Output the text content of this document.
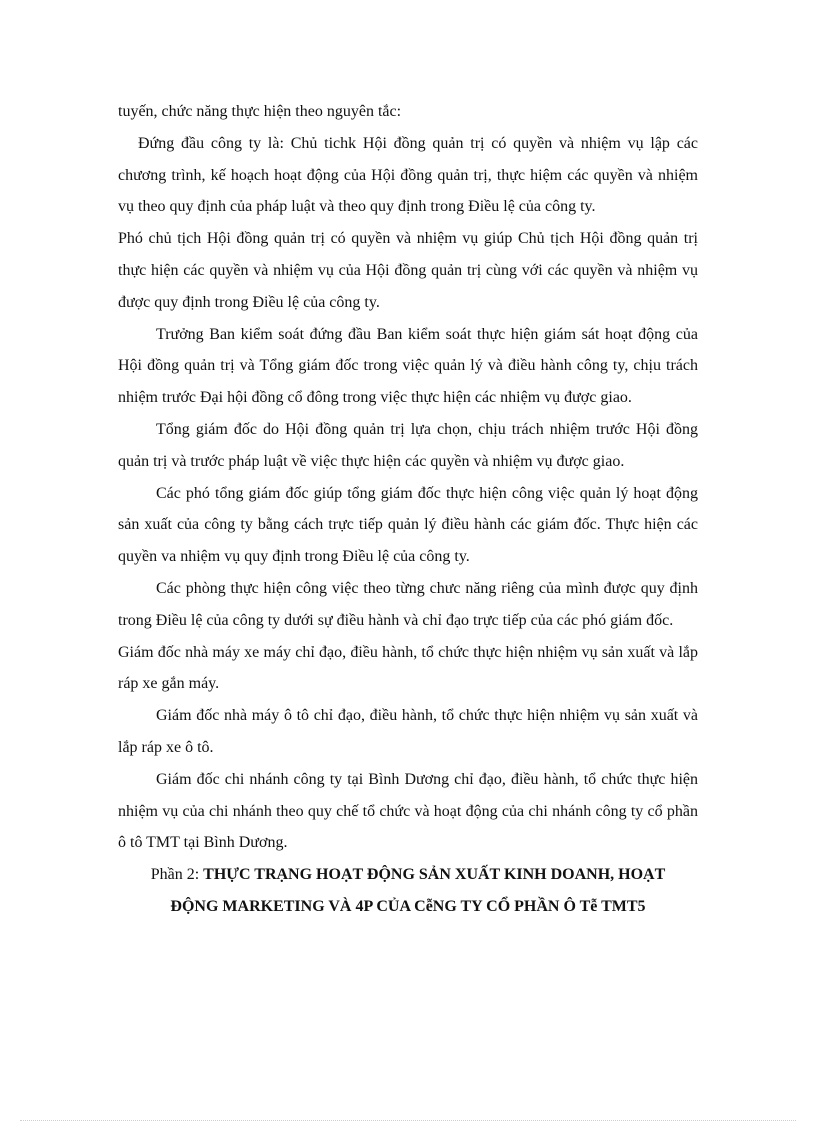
tuyến, chức năng thực hiện theo nguyên tắc:

Đứng đầu công ty là: Chủ tichk Hội đồng quản trị có quyền và nhiệm vụ lập các chương trình, kế hoạch hoạt động của Hội đồng quản trị, thực hiệm các quyền và nhiệm vụ theo quy định của pháp luật và theo quy định trong Điều lệ của công ty.

Phó chủ tịch Hội đồng quản trị có quyền và nhiệm vụ giúp Chủ tịch Hội đồng quản trị thực hiện các quyền và nhiệm vụ của Hội đồng quản trị cùng với các quyền và nhiệm vụ được quy định trong Điều lệ của công ty.

Trưởng Ban kiểm soát đứng đầu Ban kiểm soát thực hiện giám sát hoạt động của Hội đồng quản trị và Tổng giám đốc trong việc quản lý và điều hành công ty, chịu trách nhiệm trước Đại hội đồng cổ đông trong việc thực hiện các nhiệm vụ được giao.

Tổng giám đốc do Hội đồng quản trị lựa chọn, chịu trách nhiệm trước Hội đồng quản trị và trước pháp luật về việc thực hiện các quyền và nhiệm vụ được giao.

Các phó tổng giám đốc giúp tổng giám đốc thực hiện công việc quản lý hoạt động sản xuất của công ty bằng cách trực tiếp quản lý điều hành các giám đốc. Thực hiện các quyền va nhiệm vụ quy định trong Điều lệ của công ty.

Các phòng thực hiện công việc theo từng chưc năng riêng của mình được quy định trong Điều lệ của công ty dưới sự điều hành và chỉ đạo trực tiếp của các phó giám đốc.

Giám đốc nhà máy xe máy chỉ đạo, điều hành, tổ chức thực hiện nhiệm vụ sản xuất và lắp ráp xe gắn máy.

Giám đốc nhà máy ô tô chỉ đạo, điều hành, tổ chức thực hiện nhiệm vụ sản xuất và lắp ráp xe ô tô.

Giám đốc chi nhánh công ty tại Bình Dương chỉ đạo, điều hành, tổ chức thực hiện nhiệm vụ của chi nhánh theo quy chế tổ chức và hoạt động của chi nhánh công ty cổ phần ô tô TMT tại Bình Dương.

Phần 2: THỰC TRẠNG HOẠT ĐỘNG SẢN XUẤT KINH DOANH, HOẠT

ĐỘNG MARKETING VÀ 4P CỦA CễNG TY CỔ PHẦN Ô Tễ TMT5
